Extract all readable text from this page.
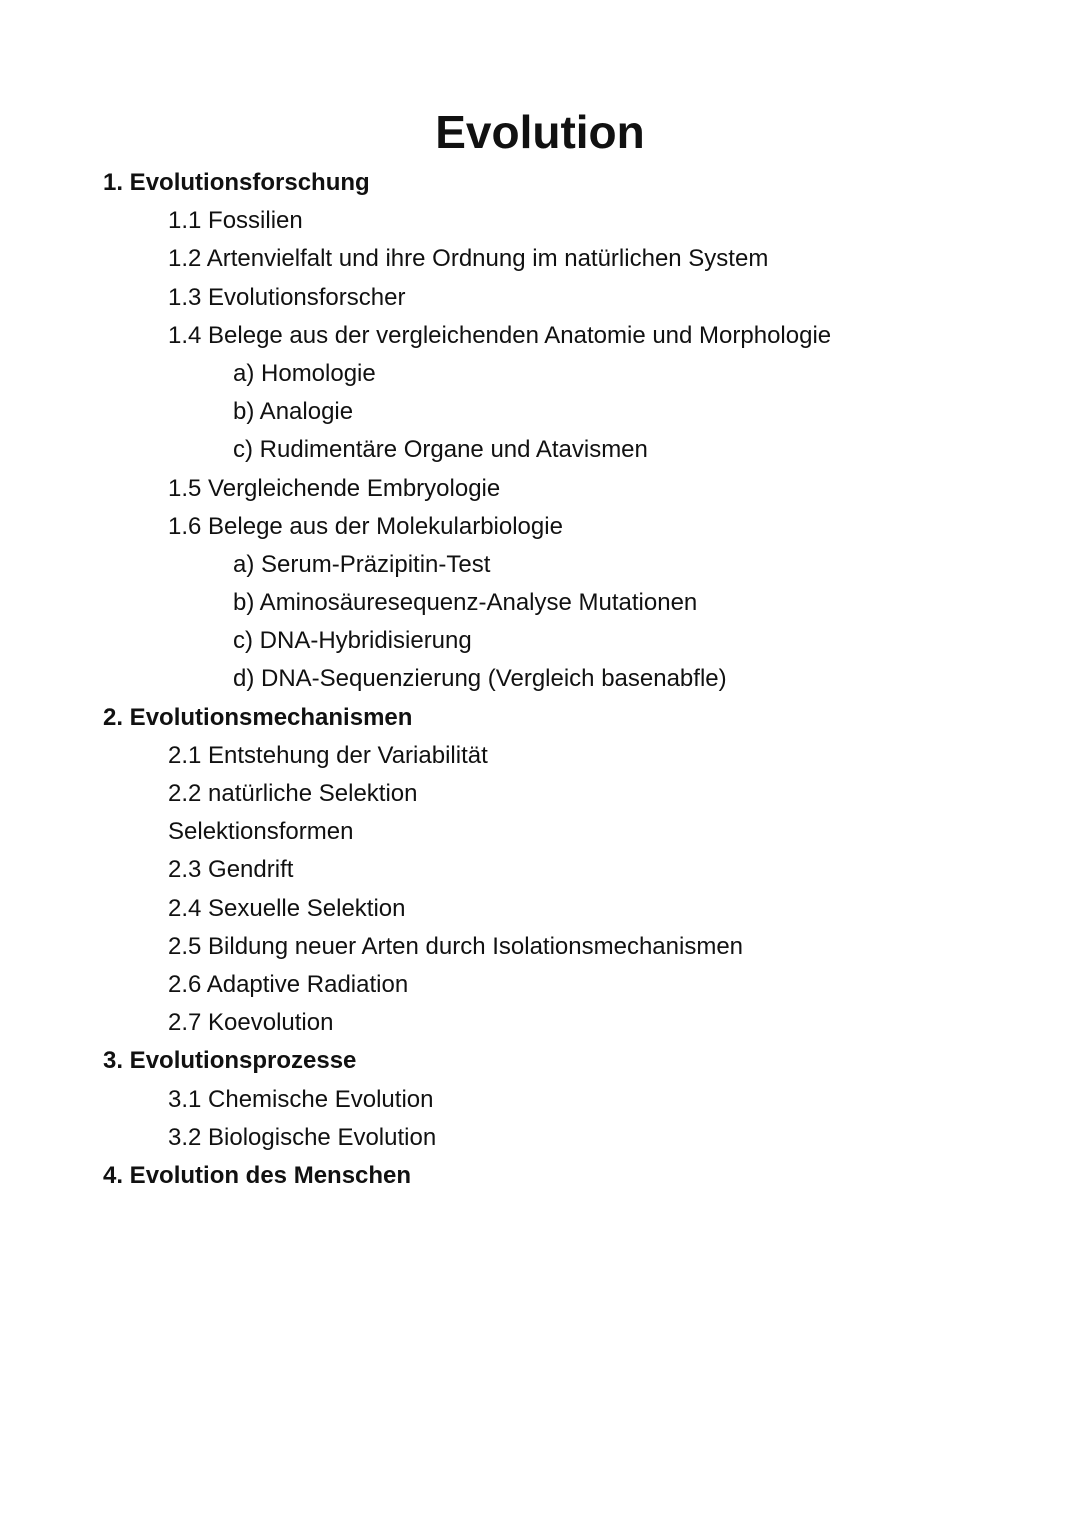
Evolution
1. Evolutionsforschung
1.1 Fossilien
1.2 Artenvielfalt und ihre Ordnung im natürlichen System
1.3 Evolutionsforscher
1.4 Belege aus der vergleichenden Anatomie und Morphologie
a) Homologie
b) Analogie
c) Rudimentäre Organe und Atavismen
1.5 Vergleichende Embryologie
1.6 Belege aus der Molekularbiologie
a) Serum-Präzipitin-Test
b) Aminosäuresequenz-Analyse Mutationen
c) DNA-Hybridisierung
d) DNA-Sequenzierung (Vergleich basenabfle)
2. Evolutionsmechanismen
2.1 Entstehung der Variabilität
2.2 natürliche Selektion
Selektionsformen
2.3 Gendrift
2.4 Sexuelle Selektion
2.5 Bildung neuer Arten durch Isolationsmechanismen
2.6 Adaptive Radiation
2.7 Koevolution
3. Evolutionsprozesse
3.1 Chemische Evolution
3.2 Biologische Evolution
4. Evolution des Menschen
